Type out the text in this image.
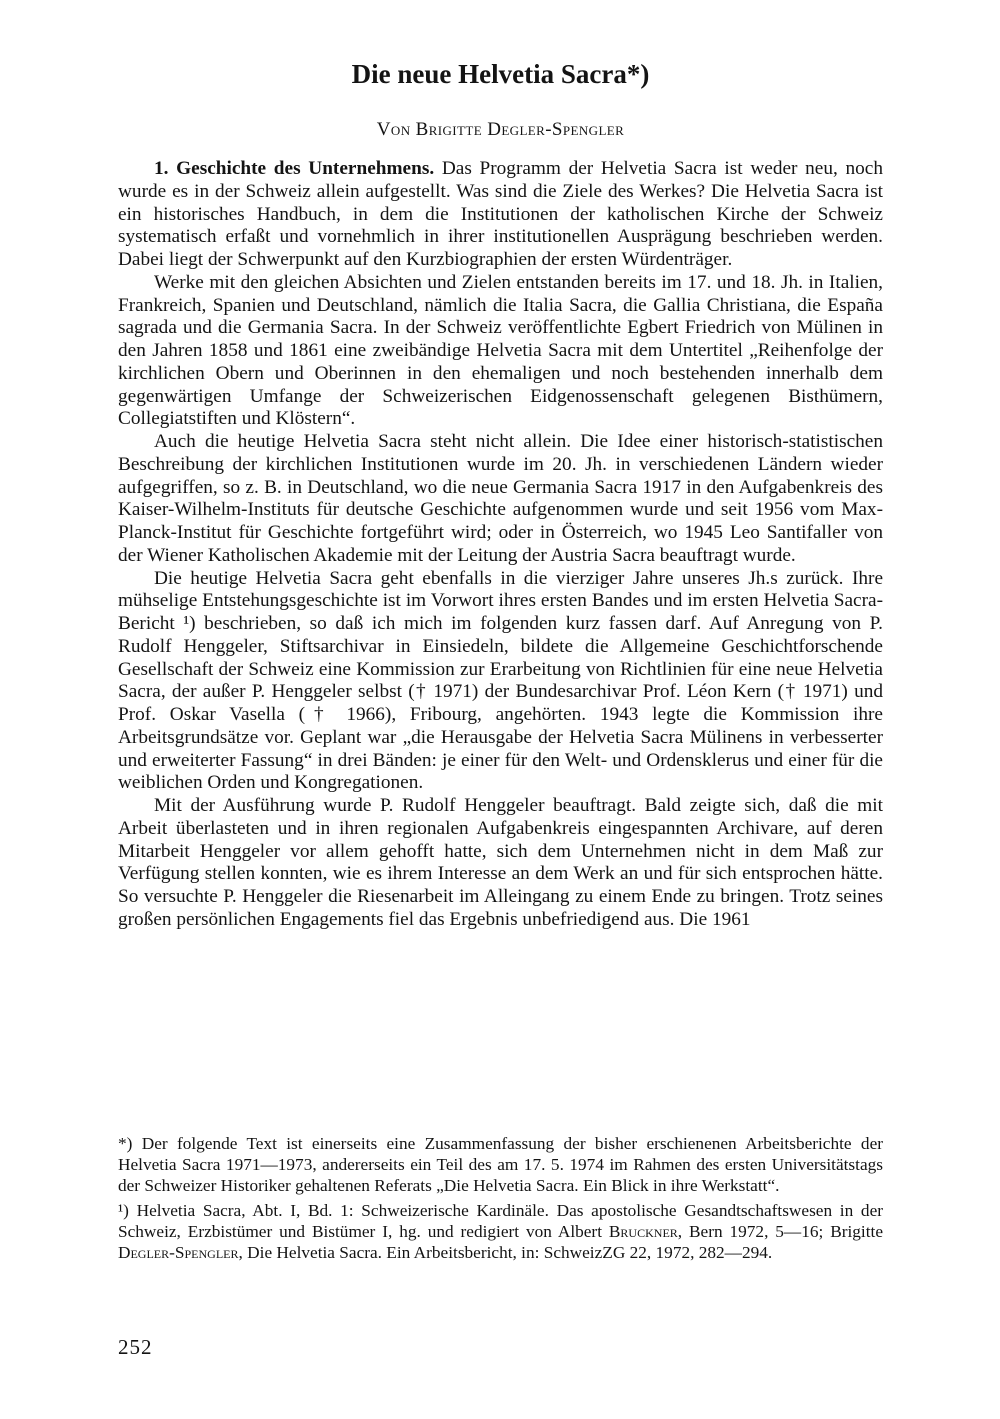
Die neue Helvetia Sacra*)
Von Brigitte Degler-Spengler

1. Geschichte des Unternehmens. Das Programm der Helvetia Sacra ist weder neu, noch wurde es in der Schweiz allein aufgestellt. Was sind die Ziele des Werkes? Die Helvetia Sacra ist ein historisches Handbuch, in dem die Institutionen der katholischen Kirche der Schweiz systematisch erfaßt und vornehmlich in ihrer institutionellen Ausprägung beschrieben werden. Dabei liegt der Schwerpunkt auf den Kurzbiographien der ersten Würdenträger.

Werke mit den gleichen Absichten und Zielen entstanden bereits im 17. und 18. Jh. in Italien, Frankreich, Spanien und Deutschland, nämlich die Italia Sacra, die Gallia Christiana, die España sagrada und die Germania Sacra. In der Schweiz veröffentlichte Egbert Friedrich von Mülinen in den Jahren 1858 und 1861 eine zweibändige Helvetia Sacra mit dem Untertitel „Reihenfolge der kirchlichen Obern und Oberinnen in den ehemaligen und noch bestehenden innerhalb dem gegenwärtigen Umfange der Schweizerischen Eidgenossenschaft gelegenen Bisthümern, Collegiatstiften und Klöstern“.

Auch die heutige Helvetia Sacra steht nicht allein. Die Idee einer historisch-statistischen Beschreibung der kirchlichen Institutionen wurde im 20. Jh. in verschiedenen Ländern wieder aufgegriffen, so z. B. in Deutschland, wo die neue Germania Sacra 1917 in den Aufgabenkreis des Kaiser-Wilhelm-Instituts für deutsche Geschichte aufgenommen wurde und seit 1956 vom Max-Planck-Institut für Geschichte fortgeführt wird; oder in Österreich, wo 1945 Leo Santifaller von der Wiener Katholischen Akademie mit der Leitung der Austria Sacra beauftragt wurde.

Die heutige Helvetia Sacra geht ebenfalls in die vierziger Jahre unseres Jh.s zurück. Ihre mühselige Entstehungsgeschichte ist im Vorwort ihres ersten Bandes und im ersten Helvetia Sacra-Bericht ¹) beschrieben, so daß ich mich im folgenden kurz fassen darf. Auf Anregung von P. Rudolf Henggeler, Stiftsarchivar in Einsiedeln, bildete die Allgemeine Geschichtforschende Gesellschaft der Schweiz eine Kommission zur Erarbeitung von Richtlinien für eine neue Helvetia Sacra, der außer P. Henggeler selbst († 1971) der Bundesarchivar Prof. Léon Kern († 1971) und Prof. Oskar Vasella († 1966), Fribourg, angehörten. 1943 legte die Kommission ihre Arbeitsgrundsätze vor. Geplant war „die Herausgabe der Helvetia Sacra Mülinens in verbesserter und erweiterter Fassung“ in drei Bänden: je einer für den Welt- und Ordensklerus und einer für die weiblichen Orden und Kongregationen.

Mit der Ausführung wurde P. Rudolf Henggeler beauftragt. Bald zeigte sich, daß die mit Arbeit überlasteten und in ihren regionalen Aufgabenkreis eingespannten Archivare, auf deren Mitarbeit Henggeler vor allem gehofft hatte, sich dem Unternehmen nicht in dem Maß zur Verfügung stellen konnten, wie es ihrem Interesse an dem Werk an und für sich entsprochen hätte. So versuchte P. Henggeler die Riesenarbeit im Alleingang zu einem Ende zu bringen. Trotz seines großen persönlichen Engagements fiel das Ergebnis unbefriedigend aus. Die 1961

*) Der folgende Text ist einerseits eine Zusammenfassung der bisher erschienenen Arbeitsberichte der Helvetia Sacra 1971—1973, andererseits ein Teil des am 17. 5. 1974 im Rahmen des ersten Universitätstags der Schweizer Historiker gehaltenen Referats „Die Helvetia Sacra. Ein Blick in ihre Werkstatt“.

¹) Helvetia Sacra, Abt. I, Bd. 1: Schweizerische Kardinäle. Das apostolische Gesandtschaftswesen in der Schweiz, Erzbistümer und Bistümer I, hg. und redigiert von Albert Bruckner, Bern 1972, 5—16; Brigitte Degler-Spengler, Die Helvetia Sacra. Ein Arbeitsbericht, in: SchweizZG 22, 1972, 282—294.

252
